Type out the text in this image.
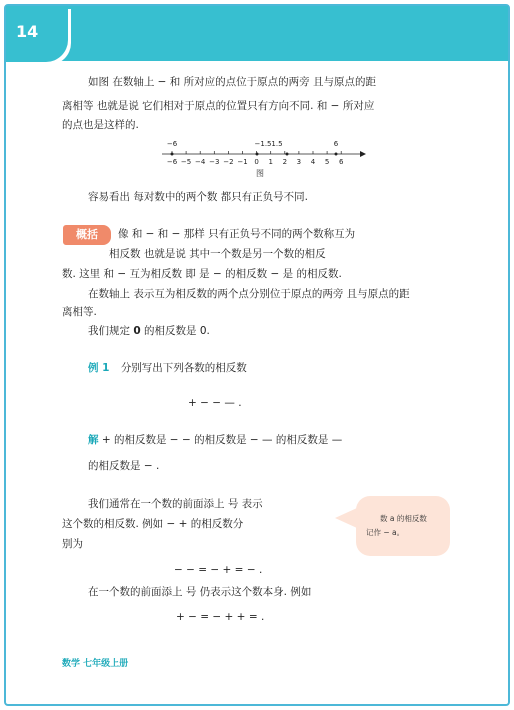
14
如图 在数轴上 − 和 所对应的点位于原点的两旁 且与原点的距
离相等 也就是说 它们相对于原点的位置只有方向不同. 和 − 所对应
的点也是这样的.
−6 −5 −4 −3 −2 −1 0 1 2 3 4 5 6
−6	−1.5 1.5	6
图
容易看出 每对数中的两个数 都只有正负号不同.
概括	像 和 − 和 − 那样 只有正负号不同的两个数称互为
相反数 也就是说 其中一个数是另一个数的相反
数. 这里 和 − 互为相反数 即 是 − 的相反数 − 是 的相反数.
在数轴上 表示互为相反数的两个点分别位于原点的两旁 且与原点的距
离相等.
我们规定 0 的相反数是 0.
例 1 分别写出下列各数的相反数
+ − − — .
解 + 的相反数是 − − 的相反数是 − — 的相反数是 —
的相反数是 − .
我们通常在一个数的前面添上 号 表示
这个数的相反数. 例如 − + 的相反数分
别为
− − = − + = − .
数 a 的相反数
记作 − a。
在一个数的前面添上 号 仍表示这个数本身. 例如
+ − = − + + = .
数学 七年级上册
